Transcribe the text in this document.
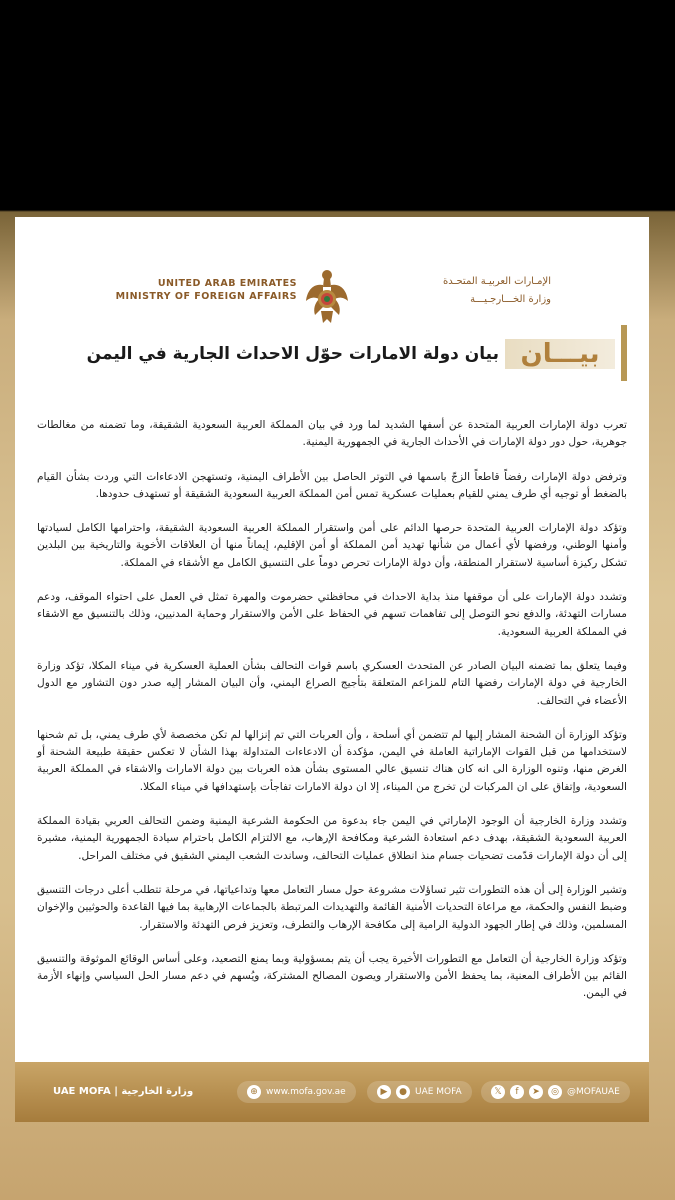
UNITED ARAB EMIRATES
MINISTRY OF FOREIGN AFFAIRS
الإمـارات العربيـة المتحـدة
وزارة الخـــارجـيـــة
بيـــان
بيان دولة الامارات حوّل الاحداث الجارية في اليمن

تعرب دولة الإمارات العربية المتحدة عن أسفها الشديد لما ورد في بيان المملكة العربية السعودية الشقيقة، وما تضمنه من مغالطات جوهرية، حول دور دولة الإمارات في الأحداث الجارية في الجمهورية اليمنية.

وترفض دولة الإمارات رفضاً قاطعاً الزجّ باسمها في التوتر الحاصل بين الأطراف اليمنية، وتستهجن الادعاءات التي وردت بشأن القيام بالضغط أو توجيه أي طرف يمني للقيام بعمليات عسكرية تمس أمن المملكة العربية السعودية الشقيقة أو تستهدف حدودها.

وتؤكد دولة الإمارات العربية المتحدة حرصها الدائم على أمن واستقرار المملكة العربية السعودية الشقيقة، واحترامها الكامل لسيادتها وأمنها الوطني، ورفضها لأي أعمال من شأنها تهديد أمن المملكة أو أمن الإقليم، إيماناً منها أن العلاقات الأخوية والتاريخية بين البلدين تشكل ركيزة أساسية لاستقرار المنطقة، وأن دولة الإمارات تحرص دوماً على التنسيق الكامل مع الأشقاء في المملكة.

وتشدد دولة الإمارات على أن موقفها منذ بداية الاحداث في محافظتي حضرموت والمهرة تمثل في العمل على احتواء الموقف، ودعم مسارات التهدئة، والدفع نحو التوصل إلى تفاهمات تسهم في الحفاظ على الأمن والاستقرار وحماية المدنيين، وذلك بالتنسيق مع الاشقاء في المملكة العربية السعودية.

وفيما يتعلق بما تضمنه البيان الصادر عن المتحدث العسكري باسم قوات التحالف بشأن العملية العسكرية في ميناء المكلا، تؤكد وزارة الخارجية في دولة الإمارات رفضها التام للمزاعم المتعلقة بتأجيج الصراع اليمني، وأن البيان المشار إليه صدر دون التشاور مع الدول الأعضاء في التحالف.

وتؤكد الوزارة أن الشحنة المشار إليها لم تتضمن أي أسلحة ، وأن العربات التي تم إنزالها لم تكن مخصصة لأي طرف يمني، بل تم شحنها لاستخدامها من قبل القوات الإماراتية العاملة في اليمن، مؤكدة أن الادعاءات المتداولة بهذا الشأن لا تعكس حقيقة طبيعة الشحنة أو الغرض منها، وتنوه الوزارة الى انه كان هناك تنسيق عالي المستوى بشأن هذه العربات بين دولة الامارات والاشقاء في المملكة العربية السعودية، وإتفاق على ان المركبات لن تخرج من الميناء، إلا ان دولة الامارات تفاجأت بإستهدافها في ميناء المكلا.

وتشدد وزارة الخارجية أن الوجود الإماراتي في اليمن جاء بدعوة من الحكومة الشرعية اليمنية وضمن التحالف العربي بقيادة المملكة العربية السعودية الشقيقة، بهدف دعم استعادة الشرعية ومكافحة الإرهاب، مع الالتزام الكامل باحترام سيادة الجمهورية اليمنية، مشيرة إلى أن دولة الإمارات قدّمت تضحيات جسام منذ انطلاق عمليات التحالف، وساندت الشعب اليمني الشقيق في مختلف المراحل.

وتشير الوزارة إلى أن هذه التطورات تثير تساؤلات مشروعة حول مسار التعامل معها وتداعياتها، في مرحلة تتطلب أعلى درجات التنسيق وضبط النفس والحكمة، مع مراعاة التحديات الأمنية القائمة والتهديدات المرتبطة بالجماعات الإرهابية بما فيها القاعدة والحوثيين والإخوان المسلمين، وذلك في إطار الجهود الدولية الرامية إلى مكافحة الإرهاب والتطرف، وتعزيز فرص التهدئة والاستقرار.

وتؤكد وزارة الخارجية أن التعامل مع التطورات الأخيرة يجب أن يتم بمسؤولية وبما يمنع التصعيد، وعلى أساس الوقائع الموثوقة والتنسيق القائم بين الأطراف المعنية، بما يحفظ الأمن والاستقرار ويصون المصالح المشتركة، ويُسهم في دعم مسار الحل السياسي وإنهاء الأزمة في اليمن.

UAE MOFA | وزارة الخارجية	⊕ www.mofa.gov.ae	▶	● UAE MOFA	𝕏	f	➤	◎ @MOFAUAE
